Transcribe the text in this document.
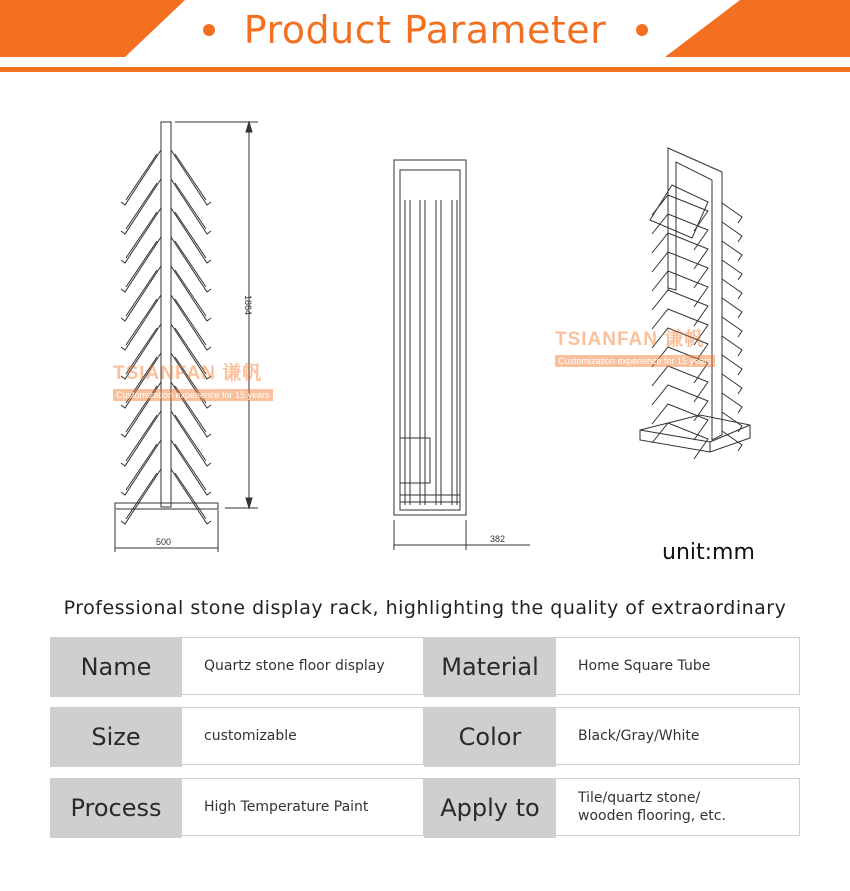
Product Parameter
1864
500	382
TSIANFAN 谦帆
Customization experience for 15 years
TSIANFAN 谦帆
Customization experience for 15 years
unit:mm
Professional stone display rack, highlighting the quality of extraordinary
Name	Quartz stone floor display	Material	Home Square Tube
Size	customizable	Color	Black/Gray/White
Process	High Temperature Paint	Apply to	Tile/quartz stone/
wooden flooring, etc.
